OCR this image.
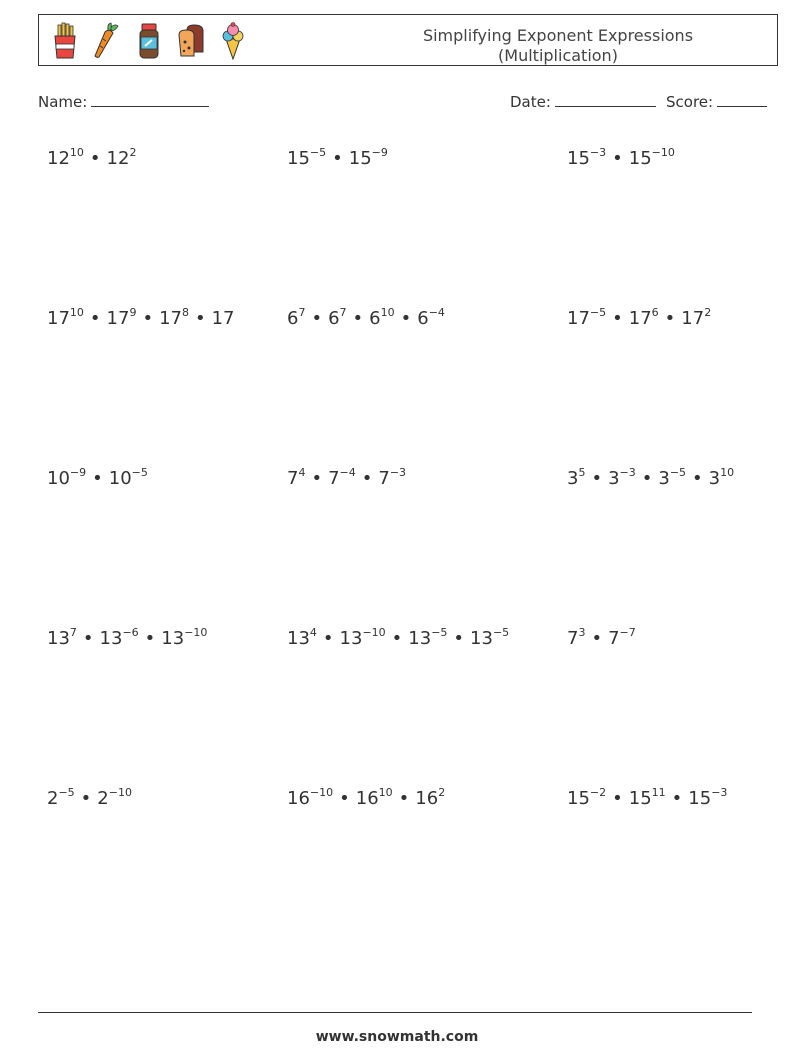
Simplifying Exponent Expressions
(Multiplication)
Name:	Date:	Score:
$12^{10}$ • $12^2$	$15^{-5}$ • $15^{-9}$	$15^{-3}$ • $15^{-10}$
$17^{10}$ • $17^9$ • $17^8$ • 17	$6^7$ • $6^7$ • $6^{10}$ • $6^{-4}$	$17^{-5}$ • $17^6$ • $17^2$
$10^{-9}$ • $10^{-5}$	$7^4$ • $7^{-4}$ • $7^{-3}$	$3^5$ • $3^{-3}$ • $3^{-5}$ • $3^{10}$
$13^7$ • $13^{-6}$ • $13^{-10}$	$13^4$ • $13^{-10}$ • $13^{-5}$ • $13^{-5}$	$7^3$ • $7^{-7}$
$2^{-5}$ • $2^{-10}$	$16^{-10}$ • $16^{10}$ • $16^2$	$15^{-2}$ • $15^{11}$ • $15^{-3}$
www.snowmath.com
